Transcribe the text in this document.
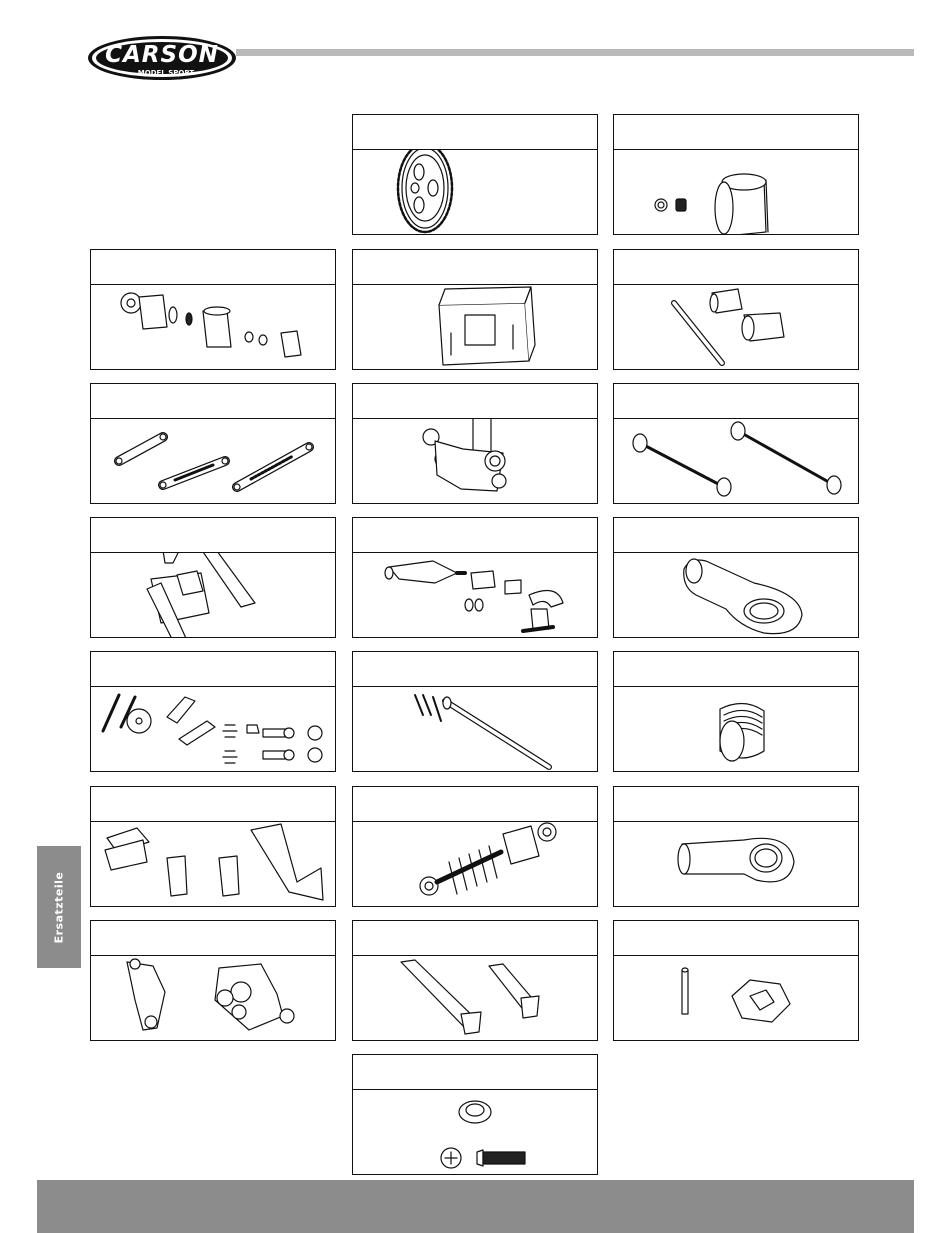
CARSON
MODEL SPORT
Ersatzteile
